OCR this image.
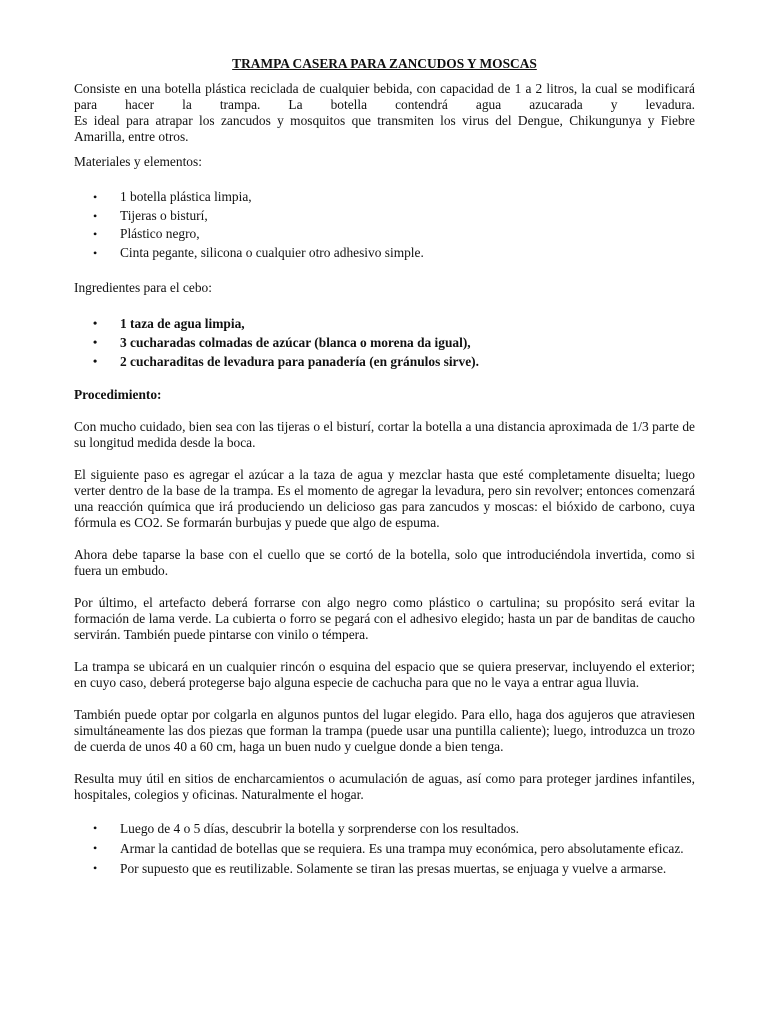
TRAMPA CASERA PARA ZANCUDOS Y MOSCAS

Consiste en una botella plástica reciclada de cualquier bebida, con capacidad de 1 a 2 litros, la cual se modificará para hacer la trampa. La botella contendrá agua azucarada y levadura.

Es ideal para atrapar los zancudos y mosquitos que transmiten los virus del Dengue, Chikungunya y Fiebre Amarilla, entre otros.

Materiales y elementos:

• 1 botella plástica limpia,
• Tijeras o bisturí,
• Plástico negro,
• Cinta pegante, silicona o cualquier otro adhesivo simple.

Ingredientes para el cebo:

• 1 taza de agua limpia,
• 3 cucharadas colmadas de azúcar (blanca o morena da igual),
• 2 cucharaditas de levadura para panadería (en gránulos sirve).

Procedimiento:

Con mucho cuidado, bien sea con las tijeras o el bisturí, cortar la botella a una distancia aproximada de 1/3 parte de su longitud medida desde la boca.

El siguiente paso es agregar el azúcar a la taza de agua y mezclar hasta que esté completamente disuelta; luego verter dentro de la base de la trampa. Es el momento de agregar la levadura, pero sin revolver; entonces comenzará una reacción química que irá produciendo un delicioso gas para zancudos y moscas: el bióxido de carbono, cuya fórmula es CO2. Se formarán burbujas y puede que algo de espuma.

Ahora debe taparse la base con el cuello que se cortó de la botella, solo que introduciéndola invertida, como si fuera un embudo.

Por último, el artefacto deberá forrarse con algo negro como plástico o cartulina; su propósito será evitar la formación de lama verde. La cubierta o forro se pegará con el adhesivo elegido; hasta un par de banditas de caucho servirán. También puede pintarse con vinilo o témpera.

La trampa se ubicará en un cualquier rincón o esquina del espacio que se quiera preservar, incluyendo el exterior; en cuyo caso, deberá protegerse bajo alguna especie de cachucha para que no le vaya a entrar agua lluvia.

También puede optar por colgarla en algunos puntos del lugar elegido. Para ello, haga dos agujeros que atraviesen simultáneamente las dos piezas que forman la trampa (puede usar una puntilla caliente); luego, introduzca un trozo de cuerda de unos 40 a 60 cm, haga un buen nudo y cuelgue donde a bien tenga.

Resulta muy útil en sitios de encharcamientos o acumulación de aguas, así como para proteger jardines infantiles, hospitales, colegios y oficinas. Naturalmente el hogar.

• Luego de 4 o 5 días, descubrir la botella y sorprenderse con los resultados.
• Armar la cantidad de botellas que se requiera. Es una trampa muy económica, pero absolutamente eficaz.
• Por supuesto que es reutilizable. Solamente se tiran las presas muertas, se enjuaga y vuelve a armarse.
